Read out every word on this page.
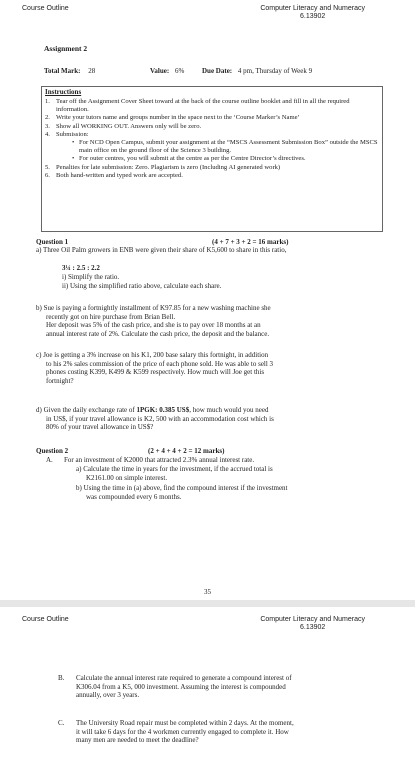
Course Outline	Computer Literacy and Numeracy
6.13902
Assignment 2
Total Mark: 28	Value: 6%	Due Date: 4 pm, Thursday of Week 9
Instructions
1. Tear off the Assignment Cover Sheet toward at the back of the course outline booklet and fill in all the required information.
2. Write your tutors name and groups number in the space next to the ‘Course Marker’s Name’
3. Show all WORKING OUT. Answers only will be zero.
4. Submission:
• For NCD Open Campus, submit your assignment at the “MSCS Assessment Submission Box” outside the MSCS main office on the ground floor of the Science 3 building.
• For outer centres, you will submit at the centre as per the Centre Director’s directives.
5. Penalties for late submission: Zero. Plagiarism is zero (Including AI generated work)
6. Both hand-written and typed work are accepted.
Question 1	(4 + 7 + 3 + 2 = 16 marks)
a) Three Oil Palm growers in ENB were given their share of K5,600 to share in this ratio,
3¼ : 2.5 : 2.2
i) Simplify the ratio.
ii) Using the simplified ratio above, calculate each share.
b) Sue is paying a fortnightly installment of K97.85 for a new washing machine she
recently got on hire purchase from Brian Bell.
Her deposit was 5% of the cash price, and she is to pay over 18 months at an
annual interest rate of 2%. Calculate the cash price, the deposit and the balance.
c) Joe is getting a 3% increase on his K1, 200 base salary this fortnight, in addition
to his 2% sales commission of the price of each phone sold. He was able to sell 3
phones costing K399, K499 & K599 respectively. How much will Joe get this
fortnight?
d) Given the daily exchange rate of 1PGK: 0.385 US$, how much would you need
in US$, if your travel allowance is K2, 500 with an accommodation cost which is
80% of your travel allowance in US$?
Question 2	(2 + 4 + 4 + 2 = 12 marks)
A. For an investment of K2000 that attracted 2.3% annual interest rate.
a) Calculate the time in years for the investment, if the accrued total is
K2161.00 on simple interest.
b) Using the time in (a) above, find the compound interest if the investment
was compounded every 6 months.
35
Course Outline	Computer Literacy and Numeracy
6.13902
B. Calculate the annual interest rate required to generate a compound interest of
K306.04 from a K5, 000 investment. Assuming the interest is compounded
annually, over 3 years.
C. The University Road repair must be completed within 2 days. At the moment,
it will take 6 days for the 4 workmen currently engaged to complete it. How
many men are needed to meet the deadline?
